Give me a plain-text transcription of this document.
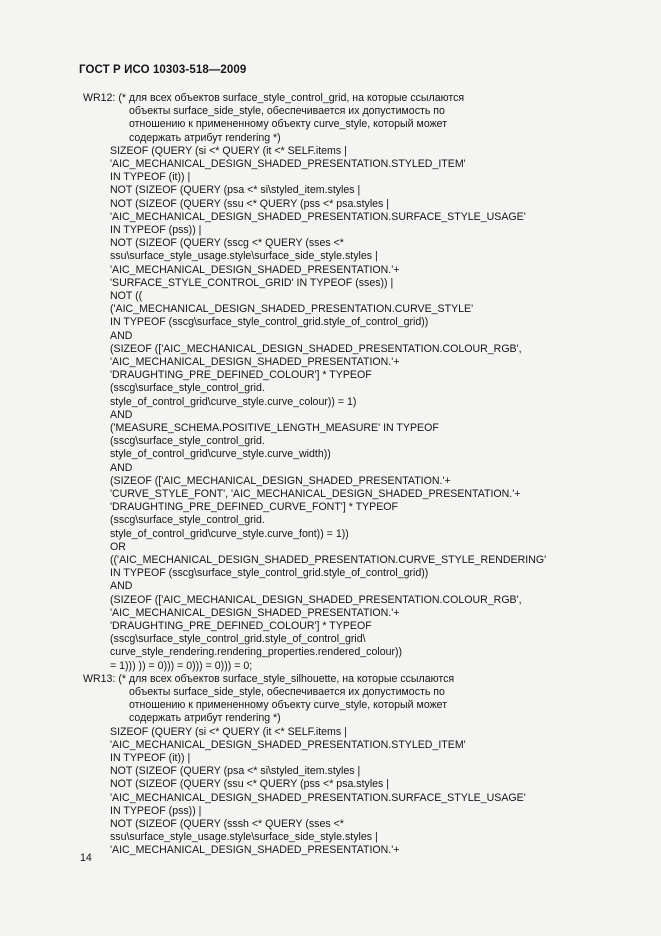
ГОСТ Р ИСО 10303-518—2009
WR12: (* для всех объектов surface_style_control_grid, на которые ссылаются
объекты surface_side_style, обеспечивается их допустимость по
отношению к примененному объекту curve_style, который может
содержать атрибут rendering *)
SIZEOF (QUERY (si <* QUERY (it <* SELF.items |
'AIC_MECHANICAL_DESIGN_SHADED_PRESENTATION.STYLED_ITEM'
IN TYPEOF (it)) |
NOT (SIZEOF (QUERY (psa <* si\styled_item.styles |
NOT (SIZEOF (QUERY (ssu <* QUERY (pss <* psa.styles |
'AIC_MECHANICAL_DESIGN_SHADED_PRESENTATION.SURFACE_STYLE_USAGE'
IN TYPEOF (pss)) |
NOT (SIZEOF (QUERY (sscg <* QUERY (sses <*
ssu\surface_style_usage.style\surface_side_style.styles |
'AIC_MECHANICAL_DESIGN_SHADED_PRESENTATION.'+
'SURFACE_STYLE_CONTROL_GRID' IN TYPEOF (sses)) |
NOT ((
('AIC_MECHANICAL_DESIGN_SHADED_PRESENTATION.CURVE_STYLE'
IN TYPEOF (sscg\surface_style_control_grid.style_of_control_grid))
AND
(SIZEOF (['AIC_MECHANICAL_DESIGN_SHADED_PRESENTATION.COLOUR_RGB',
'AIC_MECHANICAL_DESIGN_SHADED_PRESENTATION.'+
'DRAUGHTING_PRE_DEFINED_COLOUR'] * TYPEOF
(sscg\surface_style_control_grid.
style_of_control_grid\curve_style.curve_colour)) = 1)
AND
('MEASURE_SCHEMA.POSITIVE_LENGTH_MEASURE' IN TYPEOF
(sscg\surface_style_control_grid.
style_of_control_grid\curve_style.curve_width))
AND
(SIZEOF (['AIC_MECHANICAL_DESIGN_SHADED_PRESENTATION.'+
'CURVE_STYLE_FONT', 'AIC_MECHANICAL_DESIGN_SHADED_PRESENTATION.'+
'DRAUGHTING_PRE_DEFINED_CURVE_FONT'] * TYPEOF
(sscg\surface_style_control_grid.
style_of_control_grid\curve_style.curve_font)) = 1))
OR
(('AIC_MECHANICAL_DESIGN_SHADED_PRESENTATION.CURVE_STYLE_RENDERING'
IN TYPEOF (sscg\surface_style_control_grid.style_of_control_grid))
AND
(SIZEOF (['AIC_MECHANICAL_DESIGN_SHADED_PRESENTATION.COLOUR_RGB',
'AIC_MECHANICAL_DESIGN_SHADED_PRESENTATION.'+
'DRAUGHTING_PRE_DEFINED_COLOUR'] * TYPEOF
(sscg\surface_style_control_grid.style_of_control_grid\
curve_style_rendering.rendering_properties.rendered_colour))
= 1))) )) = 0))) = 0))) = 0))) = 0;
WR13: (* для всех объектов surface_style_silhouette, на которые ссылаются
объекты surface_side_style, обеспечивается их допустимость по
отношению к примененному объекту curve_style, который может
содержать атрибут rendering *)
SIZEOF (QUERY (si <* QUERY (it <* SELF.items |
'AIC_MECHANICAL_DESIGN_SHADED_PRESENTATION.STYLED_ITEM'
IN TYPEOF (it)) |
NOT (SIZEOF (QUERY (psa <* si\styled_item.styles |
NOT (SIZEOF (QUERY (ssu <* QUERY (pss <* psa.styles |
'AIC_MECHANICAL_DESIGN_SHADED_PRESENTATION.SURFACE_STYLE_USAGE'
IN TYPEOF (pss)) |
NOT (SIZEOF (QUERY (sssh <* QUERY (sses <*
ssu\surface_style_usage.style\surface_side_style.styles |
'AIC_MECHANICAL_DESIGN_SHADED_PRESENTATION.'+
14
